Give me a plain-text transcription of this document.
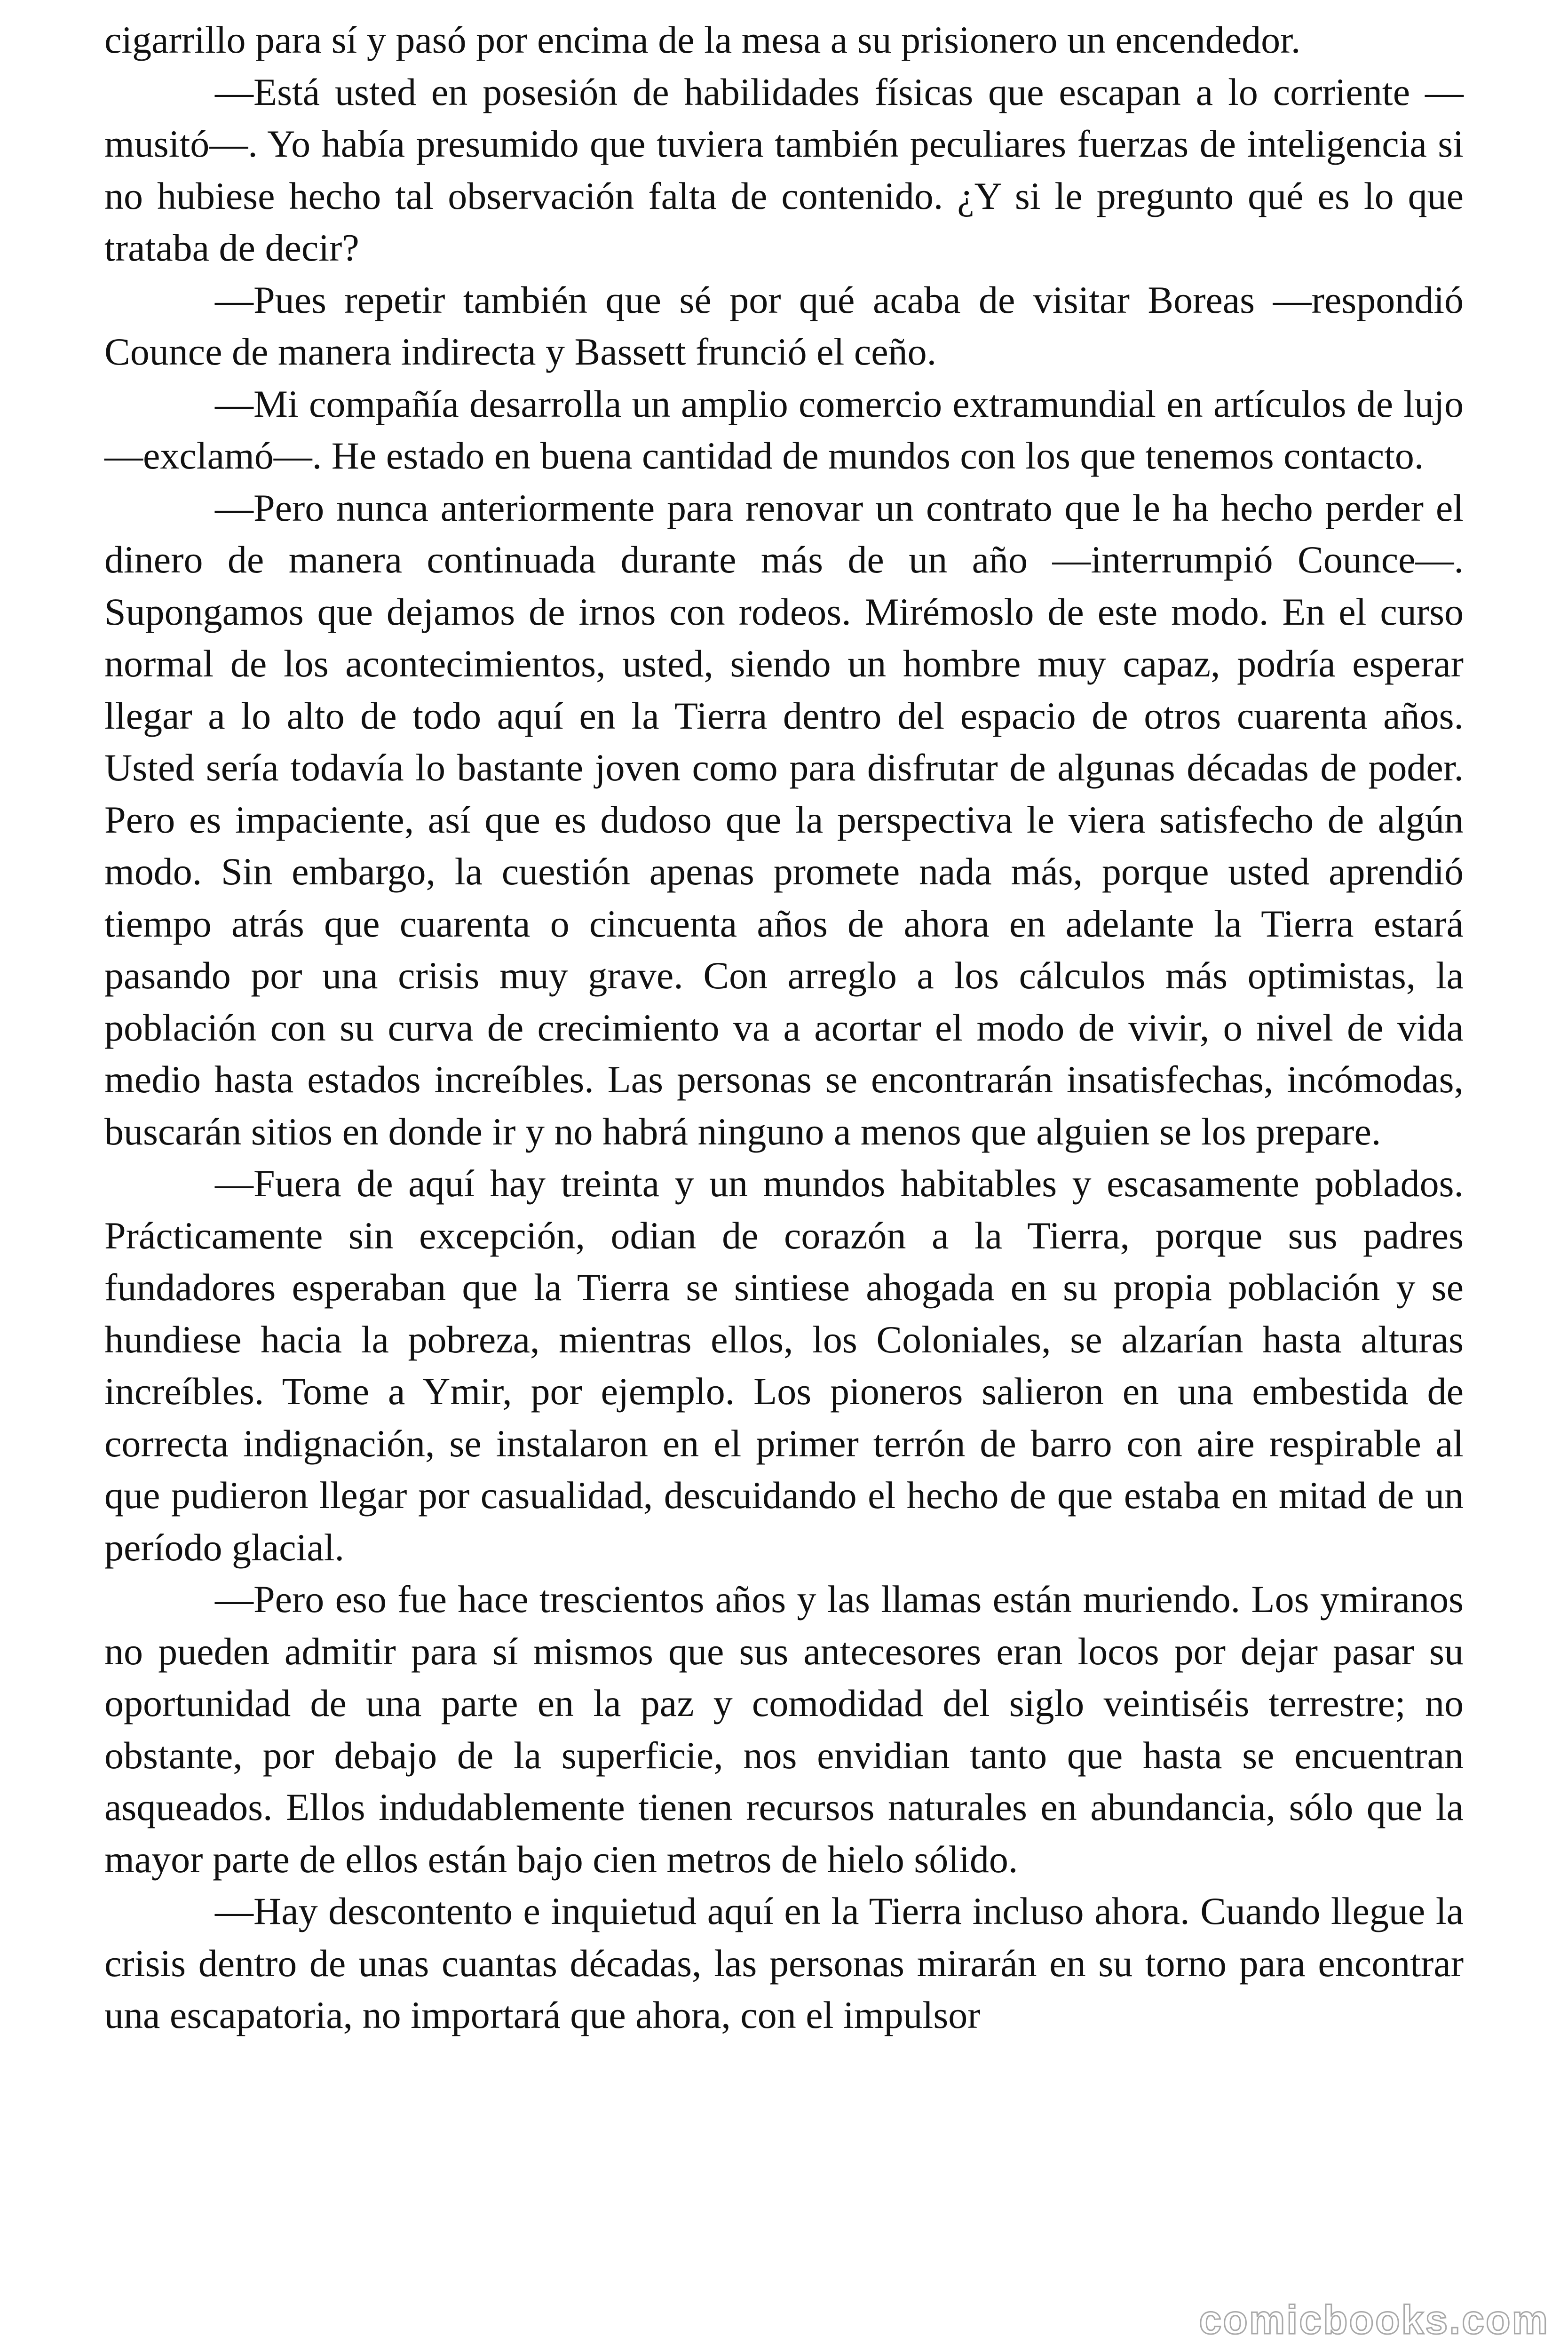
cigarrillo para sí y pasó por encima de la mesa a su prisionero un encendedor.

—Está usted en posesión de habilidades físicas que escapan a lo corriente —musitó—. Yo había presumido que tuviera también peculiares fuerzas de inteligencia si no hubiese hecho tal observación falta de contenido. ¿Y si le pregunto qué es lo que trataba de decir?

—Pues repetir también que sé por qué acaba de visitar Boreas —respondió Counce de manera indirecta y Bassett frunció el ceño.

—Mi compañía desarrolla un amplio comercio extramundial en artículos de lujo —exclamó—. He estado en buena cantidad de mundos con los que tenemos contacto.

—Pero nunca anteriormente para renovar un contrato que le ha hecho perder el dinero de manera continuada durante más de un año —interrumpió Counce—. Supongamos que dejamos de irnos con rodeos. Mirémoslo de este modo. En el curso normal de los acontecimientos, usted, siendo un hombre muy capaz, podría esperar llegar a lo alto de todo aquí en la Tierra dentro del espacio de otros cuarenta años. Usted sería todavía lo bastante joven como para disfrutar de algunas décadas de poder. Pero es impaciente, así que es dudoso que la perspectiva le viera satisfecho de algún modo. Sin embargo, la cuestión apenas promete nada más, porque usted aprendió tiempo atrás que cuarenta o cincuenta años de ahora en adelante la Tierra estará pasando por una crisis muy grave. Con arreglo a los cálculos más optimistas, la población con su curva de crecimiento va a acortar el modo de vivir, o nivel de vida medio hasta estados increíbles. Las personas se encontrarán insatisfechas, incómodas, buscarán sitios en donde ir y no habrá ninguno a menos que alguien se los prepare.

—Fuera de aquí hay treinta y un mundos habitables y escasamente poblados. Prácticamente sin excepción, odian de corazón a la Tierra, porque sus padres fundadores esperaban que la Tierra se sintiese ahogada en su propia población y se hundiese hacia la pobreza, mientras ellos, los Coloniales, se alzarían hasta alturas increíbles. Tome a Ymir, por ejemplo. Los pioneros salieron en una embestida de correcta indignación, se instalaron en el primer terrón de barro con aire respirable al que pudieron llegar por casualidad, descuidando el hecho de que estaba en mitad de un período glacial.

—Pero eso fue hace trescientos años y las llamas están muriendo. Los ymiranos no pueden admitir para sí mismos que sus antecesores eran locos por dejar pasar su oportunidad de una parte en la paz y comodidad del siglo veintiséis terrestre; no obstante, por debajo de la superficie, nos envidian tanto que hasta se encuentran asqueados. Ellos indudablemente tienen recursos naturales en abundancia, sólo que la mayor parte de ellos están bajo cien metros de hielo sólido.

—Hay descontento e inquietud aquí en la Tierra incluso ahora. Cuando llegue la crisis dentro de unas cuantas décadas, las personas mirarán en su torno para encontrar una escapatoria, no importará que ahora, con el impulsor

comicbooks.com
